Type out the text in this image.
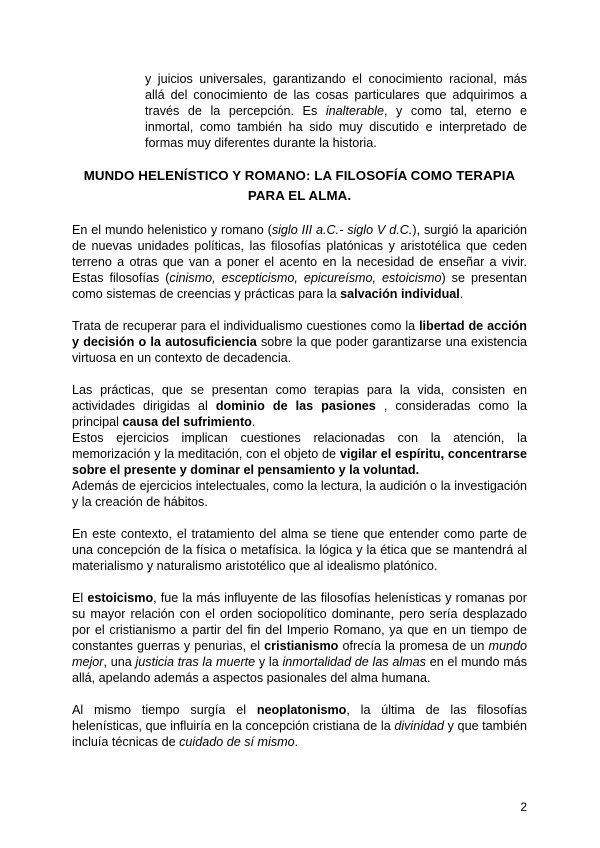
y juicios universales, garantizando el conocimiento racional, más allá del conocimiento de las cosas particulares que adquirimos a través de la percepción. Es inalterable, y como tal, eterno e inmortal, como también ha sido muy discutido e interpretado de formas muy diferentes durante la historia.

MUNDO HELENÍSTICO Y ROMANO: LA FILOSOFÍA COMO TERAPIA
PARA EL ALMA.

En el mundo helenistico y romano (siglo III a.C.- siglo V d.C.), surgió la aparición de nuevas unidades políticas, las filosofías platónicas y aristotélica que ceden terreno a otras que van a poner el acento en la necesidad de enseñar a vivir. Estas filosofías (cinismo, escepticismo, epicureísmo, estoicismo) se presentan como sistemas de creencias y prácticas para la salvación individual.

Trata de recuperar para el individualismo cuestiones como la libertad de acción y decisión o la autosuficiencia sobre la que poder garantizarse una existencia virtuosa en un contexto de decadencia.

Las prácticas, que se presentan como terapias para la vida, consisten en actividades dirigidas al dominio de las pasiones , consideradas como la principal causa del sufrimiento.

Estos ejercicios implican cuestiones relacionadas con la atención, la memorización y la meditación, con el objeto de vigilar el espíritu, concentrarse sobre el presente y dominar el pensamiento y la voluntad.

Además de ejercicios intelectuales, como la lectura, la audición o la investigación y la creación de hábitos.

En este contexto, el tratamiento del alma se tiene que entender como parte de una concepción de la física o metafísica. la lógica y la ética que se mantendrá al materialismo y naturalismo aristotélico que al idealismo platónico.

El estoicismo, fue la más influyente de las filosofías helenísticas y romanas por su mayor relación con el orden sociopolítico dominante, pero sería desplazado por el cristianismo a partir del fin del Imperio Romano, ya que en un tiempo de constantes guerras y penurias, el cristianismo ofrecía la promesa de un mundo mejor, una justicia tras la muerte y la inmortalidad de las almas en el mundo más allá, apelando además a aspectos pasionales del alma humana.

Al mismo tiempo surgía el neoplatonismo, la última de las filosofías helenísticas, que influiría en la concepción cristiana de la divinidad y que también incluía técnicas de cuidado de sí mismo.

2
